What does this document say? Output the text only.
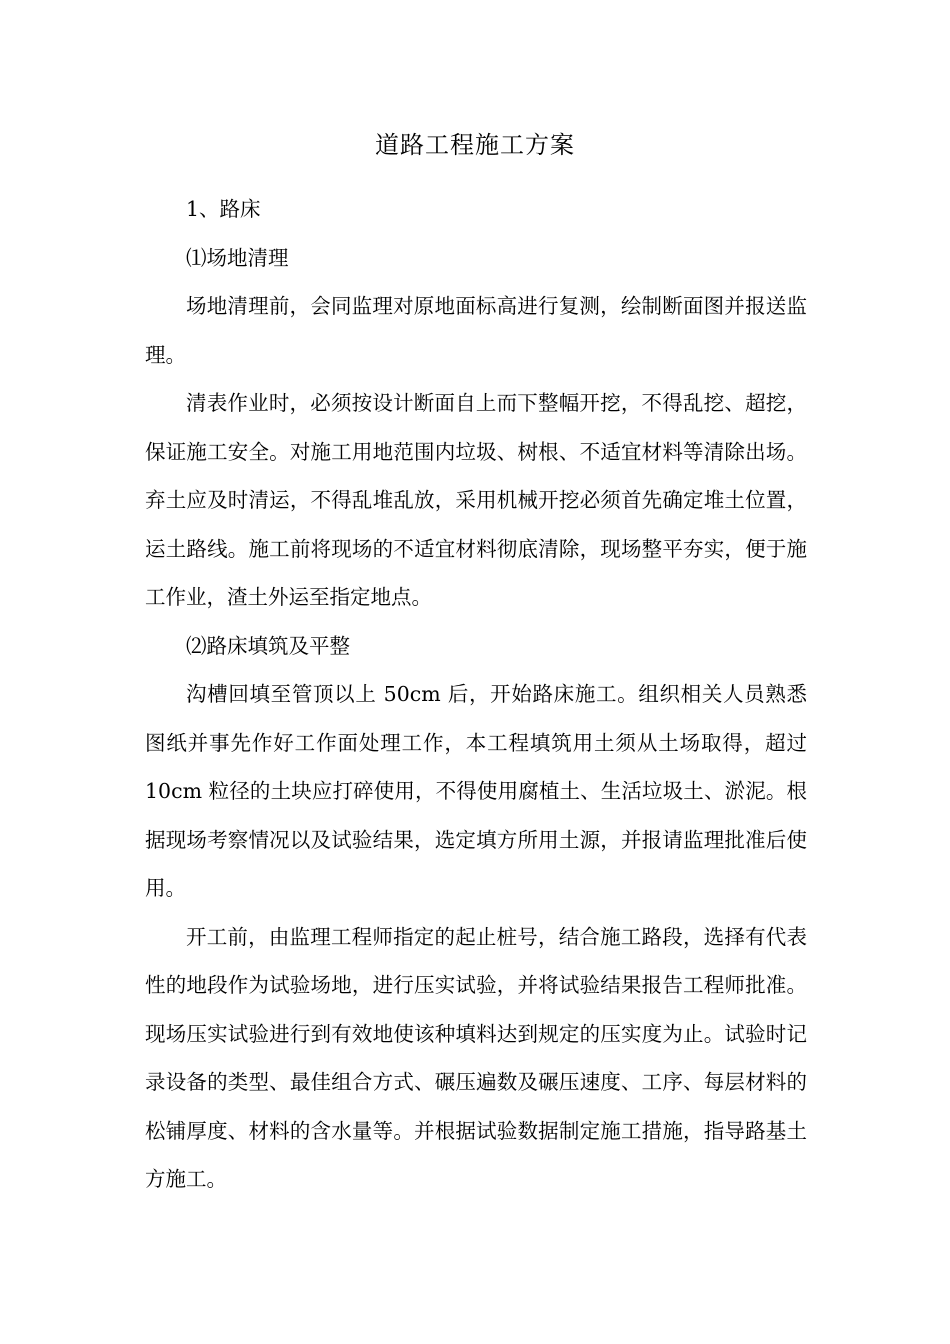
道路工程施工方案

1、路床

⑴场地清理

场地清理前，会同监理对原地面标高进行复测，绘制断面图并报送监理。

清表作业时，必须按设计断面自上而下整幅开挖，不得乱挖、超挖，保证施工安全。对施工用地范围内垃圾、树根、不适宜材料等清除出场。弃土应及时清运，不得乱堆乱放，采用机械开挖必须首先确定堆土位置，运土路线。施工前将现场的不适宜材料彻底清除，现场整平夯实，便于施工作业，渣土外运至指定地点。

⑵路床填筑及平整

沟槽回填至管顶以上 50cm 后，开始路床施工。组织相关人员熟悉图纸并事先作好工作面处理工作，本工程填筑用土须从土场取得，超过 10cm 粒径的土块应打碎使用，不得使用腐植土、生活垃圾土、淤泥。根据现场考察情况以及试验结果，选定填方所用土源，并报请监理批准后使用。

开工前，由监理工程师指定的起止桩号，结合施工路段，选择有代表性的地段作为试验场地，进行压实试验，并将试验结果报告工程师批准。现场压实试验进行到有效地使该种填料达到规定的压实度为止。试验时记录设备的类型、最佳组合方式、碾压遍数及碾压速度、工序、每层材料的松铺厚度、材料的含水量等。并根据试验数据制定施工措施，指导路基土方施工。
